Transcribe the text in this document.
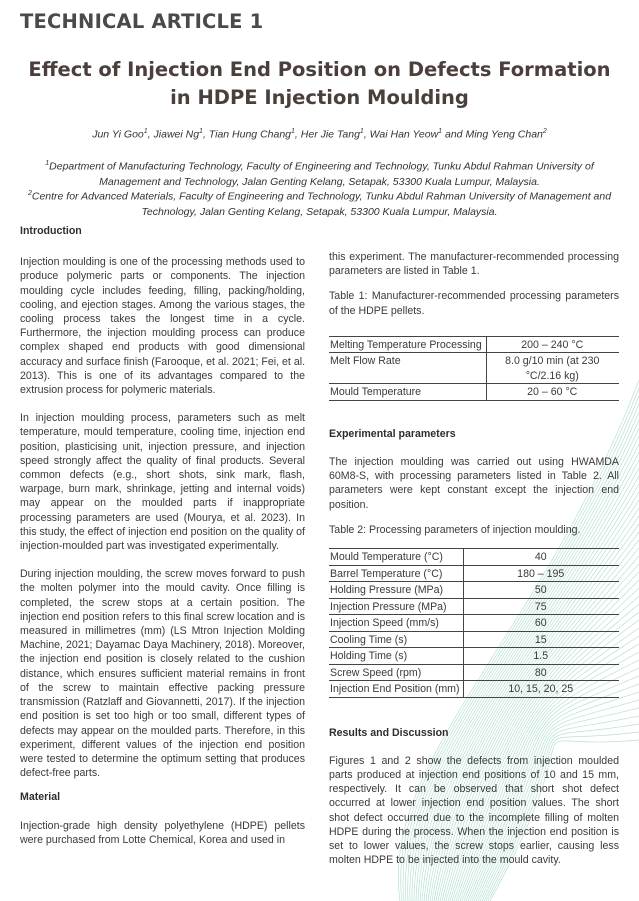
TECHNICAL ARTICLE 1
Effect of Injection End Position on Defects Formation
in HDPE Injection Moulding
Jun Yi Goo$^1$, Jiawei Ng$^1$, Tian Hung Chang$^1$, Her Jie Tang$^1$, Wai Han Yeow$^1$ and Ming Yeng Chan$^2$
$^1$Department of Manufacturing Technology, Faculty of Engineering and Technology, Tunku Abdul Rahman University of Management and Technology, Jalan Genting Kelang, Setapak, 53300 Kuala Lumpur, Malaysia.
$^2$Centre for Advanced Materials, Faculty of Engineering and Technology, Tunku Abdul Rahman University of Management and Technology, Jalan Genting Kelang, Setapak, 53300 Kuala Lumpur, Malaysia.
Introduction

Injection moulding is one of the processing methods used to produce polymeric parts or components. The injection moulding cycle includes feeding, filling, packing/holding, cooling, and ejection stages. Among the various stages, the cooling process takes the longest time in a cycle. Furthermore, the injection moulding process can produce complex shaped end products with good dimensional accuracy and surface finish (Farooque, et al. 2021; Fei, et al. 2013). This is one of its advantages compared to the extrusion process for polymeric materials.

In injection moulding process, parameters such as melt temperature, mould temperature, cooling time, injection end position, plasticising unit, injection pressure, and injection speed strongly affect the quality of final products. Several common defects (e.g., short shots, sink mark, flash, warpage, burn mark, shrinkage, jetting and internal voids) may appear on the moulded parts if inappropriate processing parameters are used (Mourya, et al. 2023). In this study, the effect of injection end position on the quality of injection-moulded part was investigated experimentally.

During injection moulding, the screw moves forward to push the molten polymer into the mould cavity. Once filling is completed, the screw stops at a certain position. The injection end position refers to this final screw location and is measured in millimetres (mm) (LS Mtron Injection Molding Machine, 2021; Dayamac Daya Machinery, 2018). Moreover, the injection end position is closely related to the cushion distance, which ensures sufficient material remains in front of the screw to maintain effective packing pressure transmission (Ratzlaff and Giovannetti, 2017). If the injection end position is set too high or too small, different types of defects may appear on the moulded parts. Therefore, in this experiment, different values of the injection end position were tested to determine the optimum setting that produces defect-free parts.

Material

Injection-grade high density polyethylene (HDPE) pellets were purchased from Lotte Chemical, Korea and used in

this experiment. The manufacturer-recommended processing parameters are listed in Table 1.

Table 1: Manufacturer-recommended processing parameters of the HDPE pellets.

Melting Temperature Processing	200 – 240 °C
Melt Flow Rate	8.0 g/10 min (at 230 °C/2.16 kg)
Mould Temperature	20 – 60 °C
Experimental parameters

The injection moulding was carried out using HWAMDA 60M8-S, with processing parameters listed in Table 2. All parameters were kept constant except the injection end position.

Table 2: Processing parameters of injection moulding.

Mould Temperature (°C)	40
Barrel Temperature (°C)	180 – 195
Holding Pressure (MPa)	50
Injection Pressure (MPa)	75
Injection Speed (mm/s)	60
Cooling Time (s)	15
Holding Time (s)	1.5
Screw Speed (rpm)	80
Injection End Position (mm)	10, 15, 20, 25
Results and Discussion

Figures 1 and 2 show the defects from injection moulded parts produced at injection end positions of 10 and 15 mm, respectively. It can be observed that short shot defect occurred at lower injection end position values. The short shot defect occurred due to the incomplete filling of molten HDPE during the process. When the injection end position is set to lower values, the screw stops earlier, causing less molten HDPE to be injected into the mould cavity.
